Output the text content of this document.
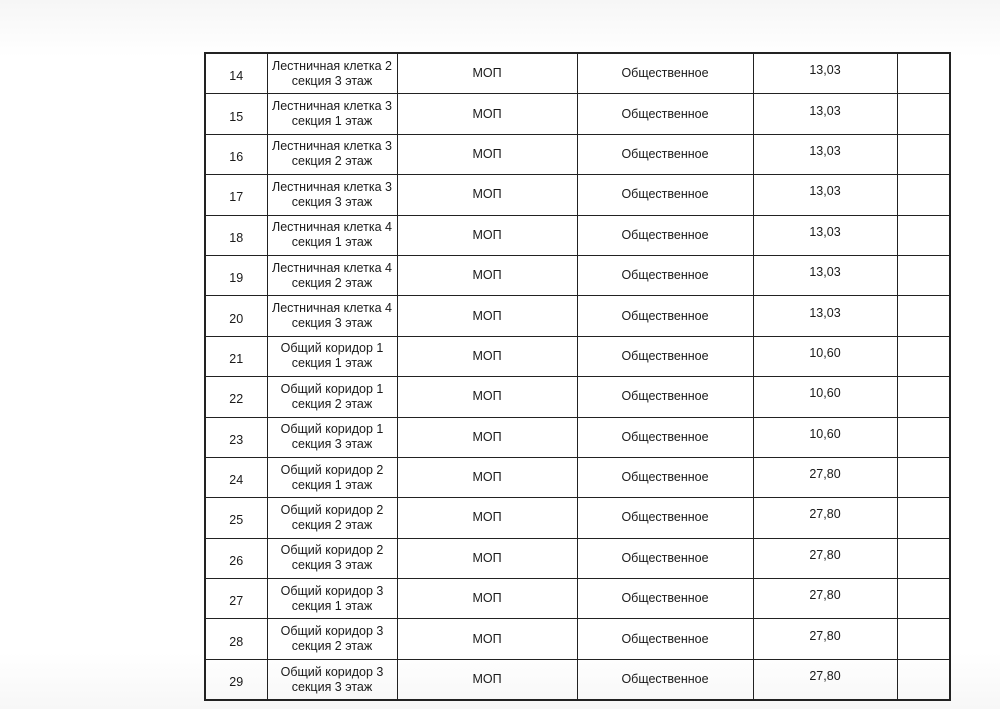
14	Лестничная клетка 2
секция 3 этаж	МОП	Общественное	13,03	
15	Лестничная клетка 3
секция 1 этаж	МОП	Общественное	13,03	
16	Лестничная клетка 3
секция 2 этаж	МОП	Общественное	13,03	
17	Лестничная клетка 3
секция 3 этаж	МОП	Общественное	13,03	
18	Лестничная клетка 4
секция 1 этаж	МОП	Общественное	13,03	
19	Лестничная клетка 4
секция 2 этаж	МОП	Общественное	13,03	
20	Лестничная клетка 4
секция 3 этаж	МОП	Общественное	13,03	
21	Общий коридор 1
секция 1 этаж	МОП	Общественное	10,60	
22	Общий коридор 1
секция 2 этаж	МОП	Общественное	10,60	
23	Общий коридор 1
секция 3 этаж	МОП	Общественное	10,60	
24	Общий коридор 2
секция 1 этаж	МОП	Общественное	27,80	
25	Общий коридор 2
секция 2 этаж	МОП	Общественное	27,80	
26	Общий коридор 2
секция 3 этаж	МОП	Общественное	27,80	
27	Общий коридор 3
секция 1 этаж	МОП	Общественное	27,80	
28	Общий коридор 3
секция 2 этаж	МОП	Общественное	27,80	
29	Общий коридор 3
секция 3 этаж	МОП	Общественное	27,80	
